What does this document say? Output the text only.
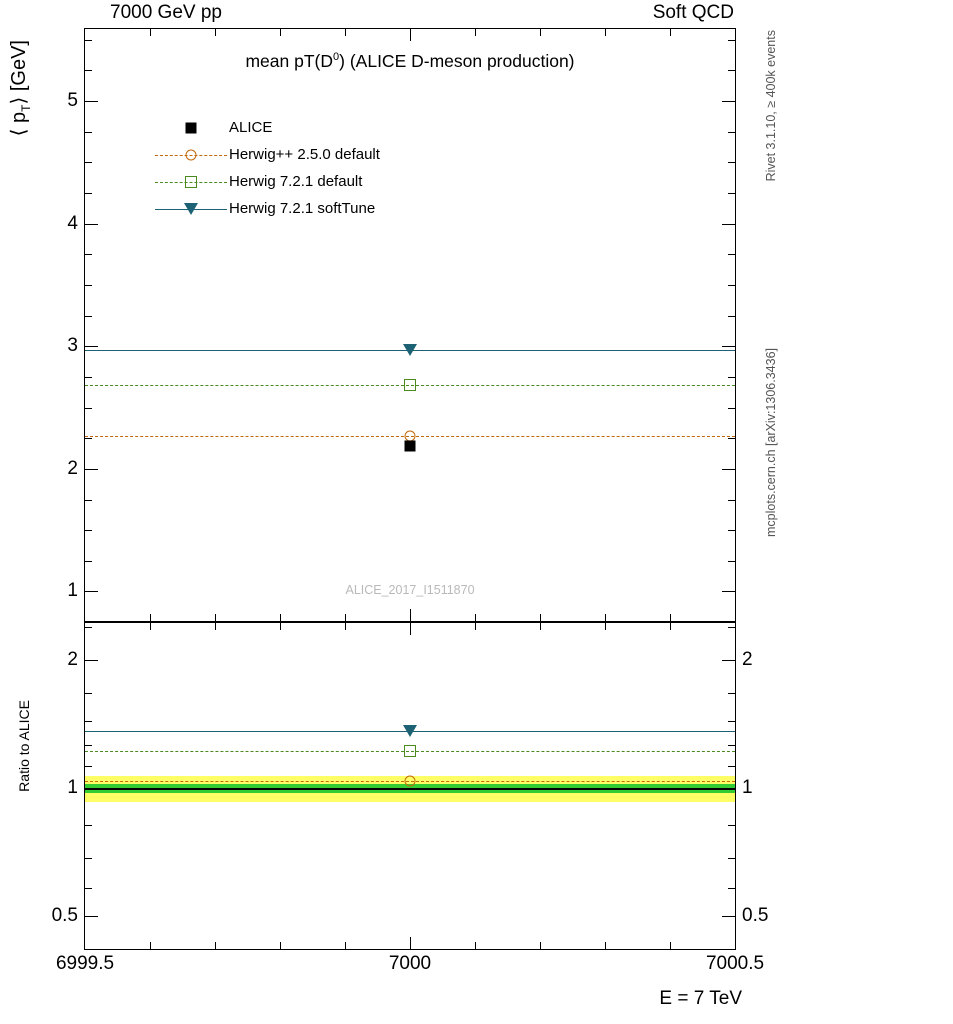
7000 GeV pp	Soft QCD
Rivet 3.1.10, ≥ 400k events
mcplots.cern.ch [arXiv:1306.3436]
⟨ $p_T⟩$ [GeV]
Ratio to ALICE
E = 7 TeV
mean $pT(D^0)$ (ALICE D-meson production)
1
2
3
4
5
ALICE
Herwig++ 2.5.0 default
Herwig 7.2.1 default
Herwig 7.2.1 softTune
ALICE_2017_I1511870
2
1
0.5
2
1
0.5
6999.5	7000	7000.5
